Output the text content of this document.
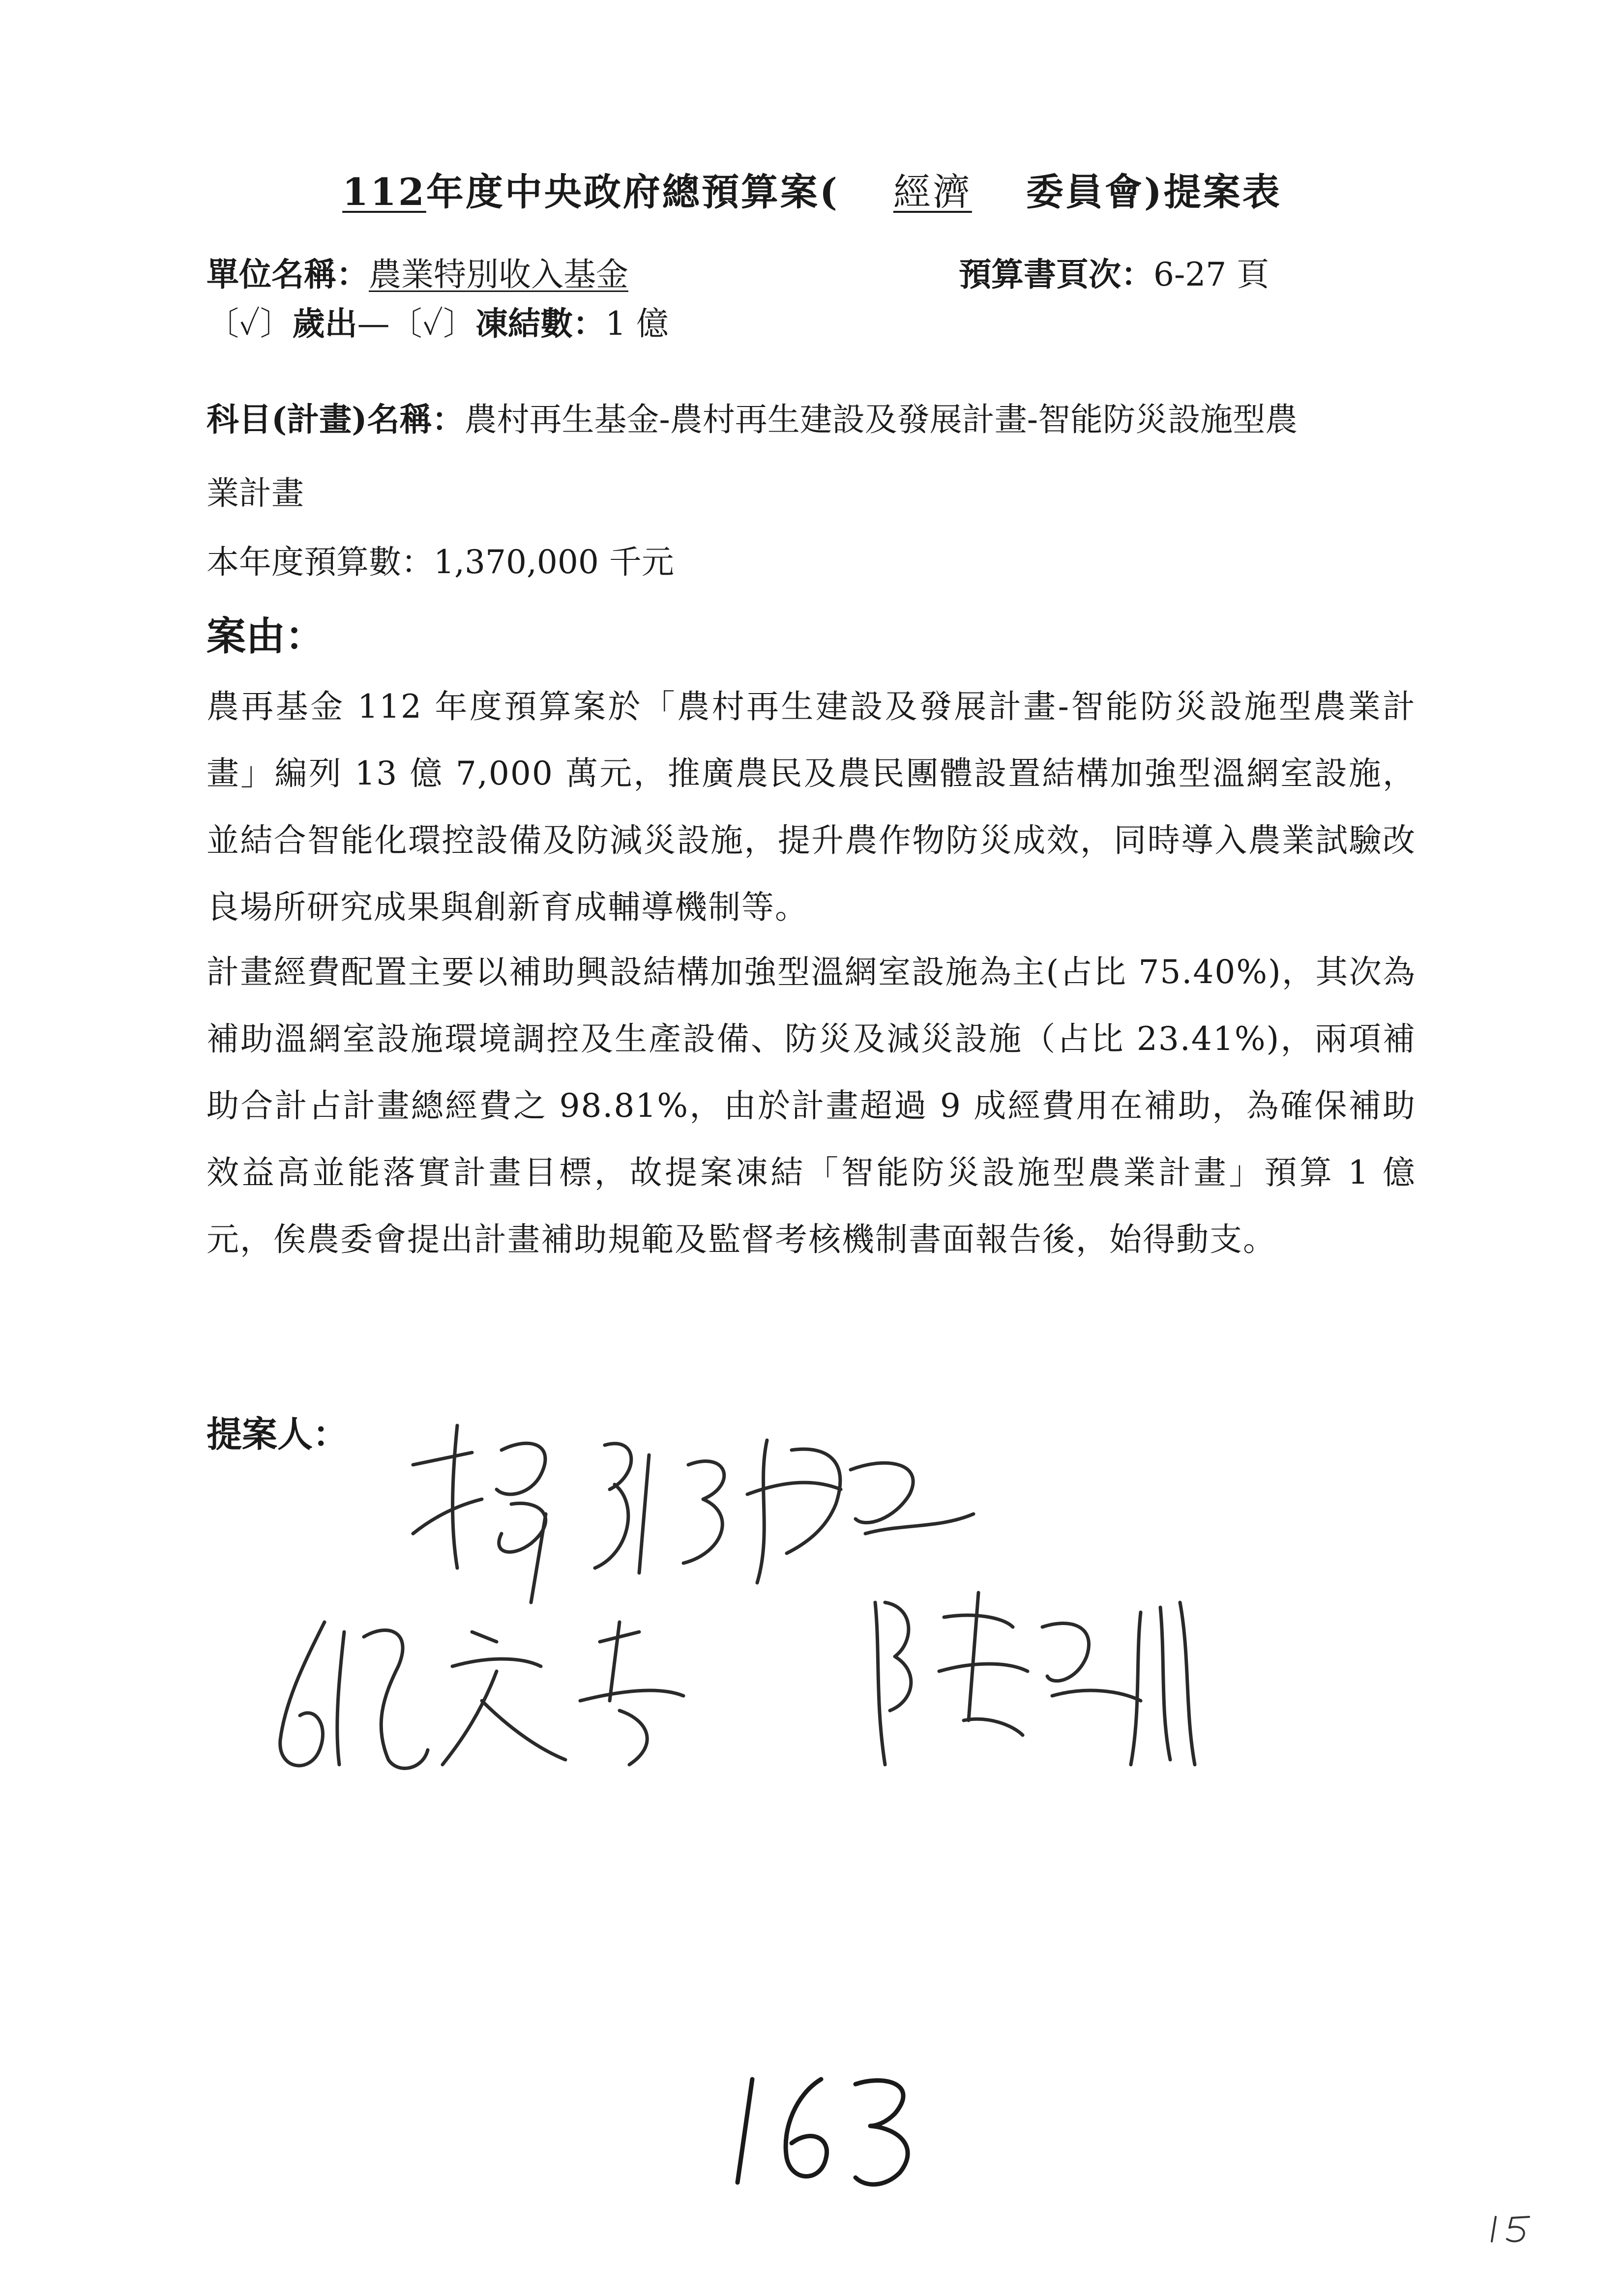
112年度中央政府總預算案( 經濟 委員會)提案表
單位名稱：農業特別收入基金	預算書頁次：6-27 頁
〔✓〕歲出—〔✓〕凍結數：1 億
科目(計畫)名稱：農村再生基金-農村再生建設及發展計畫-智能防災設施型農
業計畫
本年度預算數：1,370,000 千元
案由：
農再基金 112 年度預算案於「農村再生建設及發展計畫-智能防災設施型農業計畫」編列 13 億 7,000 萬元，推廣農民及農民團體設置結構加強型溫網室設施，並結合智能化環控設備及防減災設施，提升農作物防災成效，同時導入農業試驗改良場所研究成果與創新育成輔導機制等。
計畫經費配置主要以補助興設結構加強型溫網室設施為主(占比 75.40%)，其次為補助溫網室設施環境調控及生產設備、防災及減災設施（占比 23.41%)，兩項補助合計占計畫總經費之 98.81%，由於計畫超過 9 成經費用在補助，為確保補助效益高並能落實計畫目標，故提案凍結「智能防災設施型農業計畫」預算 1 億元，俟農委會提出計畫補助規範及監督考核機制書面報告後，始得動支。
提案人：
